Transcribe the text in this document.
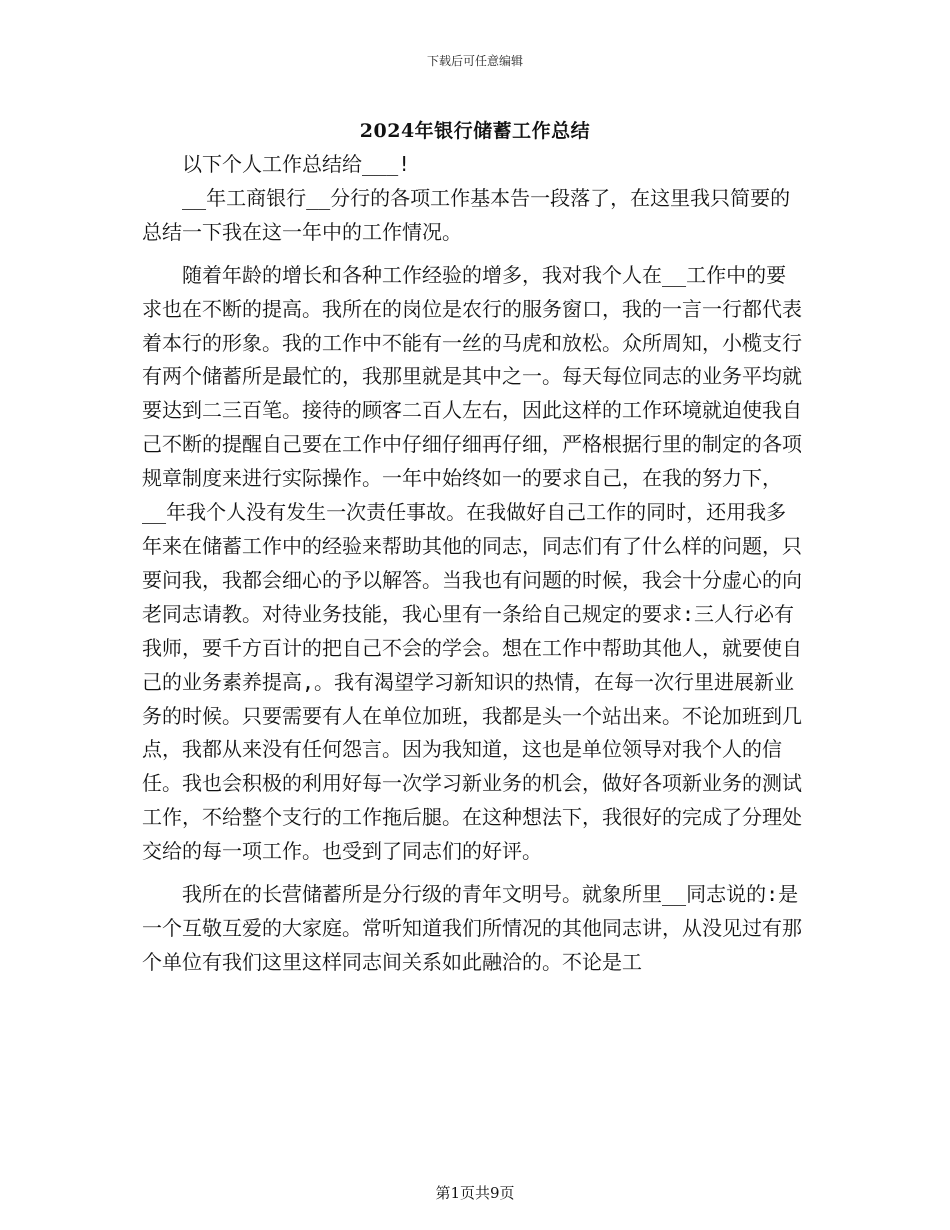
下载后可任意编辑
2024年银行储蓄工作总结

以下个人工作总结给___!

__年工商银行__分行的各项工作基本告一段落了，在这里我只简要的总结一下我在这一年中的工作情况。

随着年龄的增长和各种工作经验的增多，我对我个人在__工作中的要求也在不断的提高。我所在的岗位是农行的服务窗口，我的一言一行都代表着本行的形象。我的工作中不能有一丝的马虎和放松。众所周知，小榄支行有两个储蓄所是最忙的，我那里就是其中之一。每天每位同志的业务平均就要达到二三百笔。接待的顾客二百人左右，因此这样的工作环境就迫使我自己不断的提醒自己要在工作中仔细仔细再仔细，严格根据行里的制定的各项规章制度来进行实际操作。一年中始终如一的要求自己，在我的努力下，__年我个人没有发生一次责任事故。在我做好自己工作的同时，还用我多年来在储蓄工作中的经验来帮助其他的同志，同志们有了什么样的问题，只要问我，我都会细心的予以解答。当我也有问题的时候，我会十分虚心的向老同志请教。对待业务技能，我心里有一条给自己规定的要求:三人行必有我师，要千方百计的把自己不会的学会。想在工作中帮助其他人，就要使自己的业务素养提高,。我有渴望学习新知识的热情，在每一次行里进展新业务的时候。只要需要有人在单位加班，我都是头一个站出来。不论加班到几点，我都从来没有任何怨言。因为我知道，这也是单位领导对我个人的信任。我也会积极的利用好每一次学习新业务的机会，做好各项新业务的测试工作，不给整个支行的工作拖后腿。在这种想法下，我很好的完成了分理处交给的每一项工作。也受到了同志们的好评。

我所在的长营储蓄所是分行级的青年文明号。就象所里__同志说的:是一个互敬互爱的大家庭。常听知道我们所情况的其他同志讲，从没见过有那个单位有我们这里这样同志间关系如此融洽的。不论是工

第1页共9页
